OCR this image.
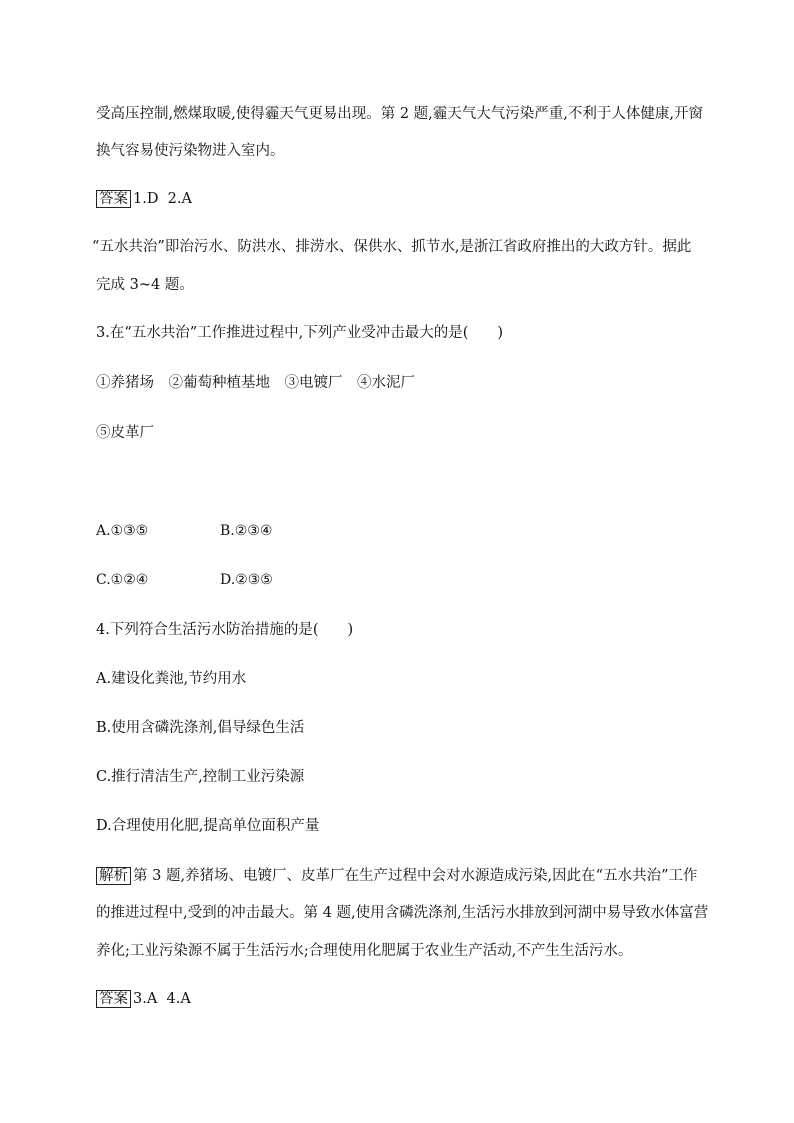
受高压控制,燃煤取暖,使得霾天气更易出现。第 2 题,霾天气大气污染严重,不利于人体健康,开窗
换气容易使污染物进入室内。
答案 1.D  2.A
“五水共治”即治污水、防洪水、排涝水、保供水、抓节水,是浙江省政府推出的大政方针。据此
完成 3~4 题。
3.在“五水共治”工作推进过程中,下列产业受冲击最大的是(　　)
①养猪场　②葡萄种植基地　③电镀厂　④水泥厂
⑤皮革厂
A.①③⑤	B.②③④
C.①②④	D.②③⑤
4.下列符合生活污水防治措施的是(　　)
A.建设化粪池,节约用水
B.使用含磷洗涤剂,倡导绿色生活
C.推行清洁生产,控制工业污染源
D.合理使用化肥,提高单位面积产量
解析 第 3 题,养猪场、电镀厂、皮革厂在生产过程中会对水源造成污染,因此在“五水共治”工作
的推进过程中,受到的冲击最大。第 4 题,使用含磷洗涤剂,生活污水排放到河湖中易导致水体富营
养化;工业污染源不属于生活污水;合理使用化肥属于农业生产活动,不产生生活污水。
答案 3.A  4.A
